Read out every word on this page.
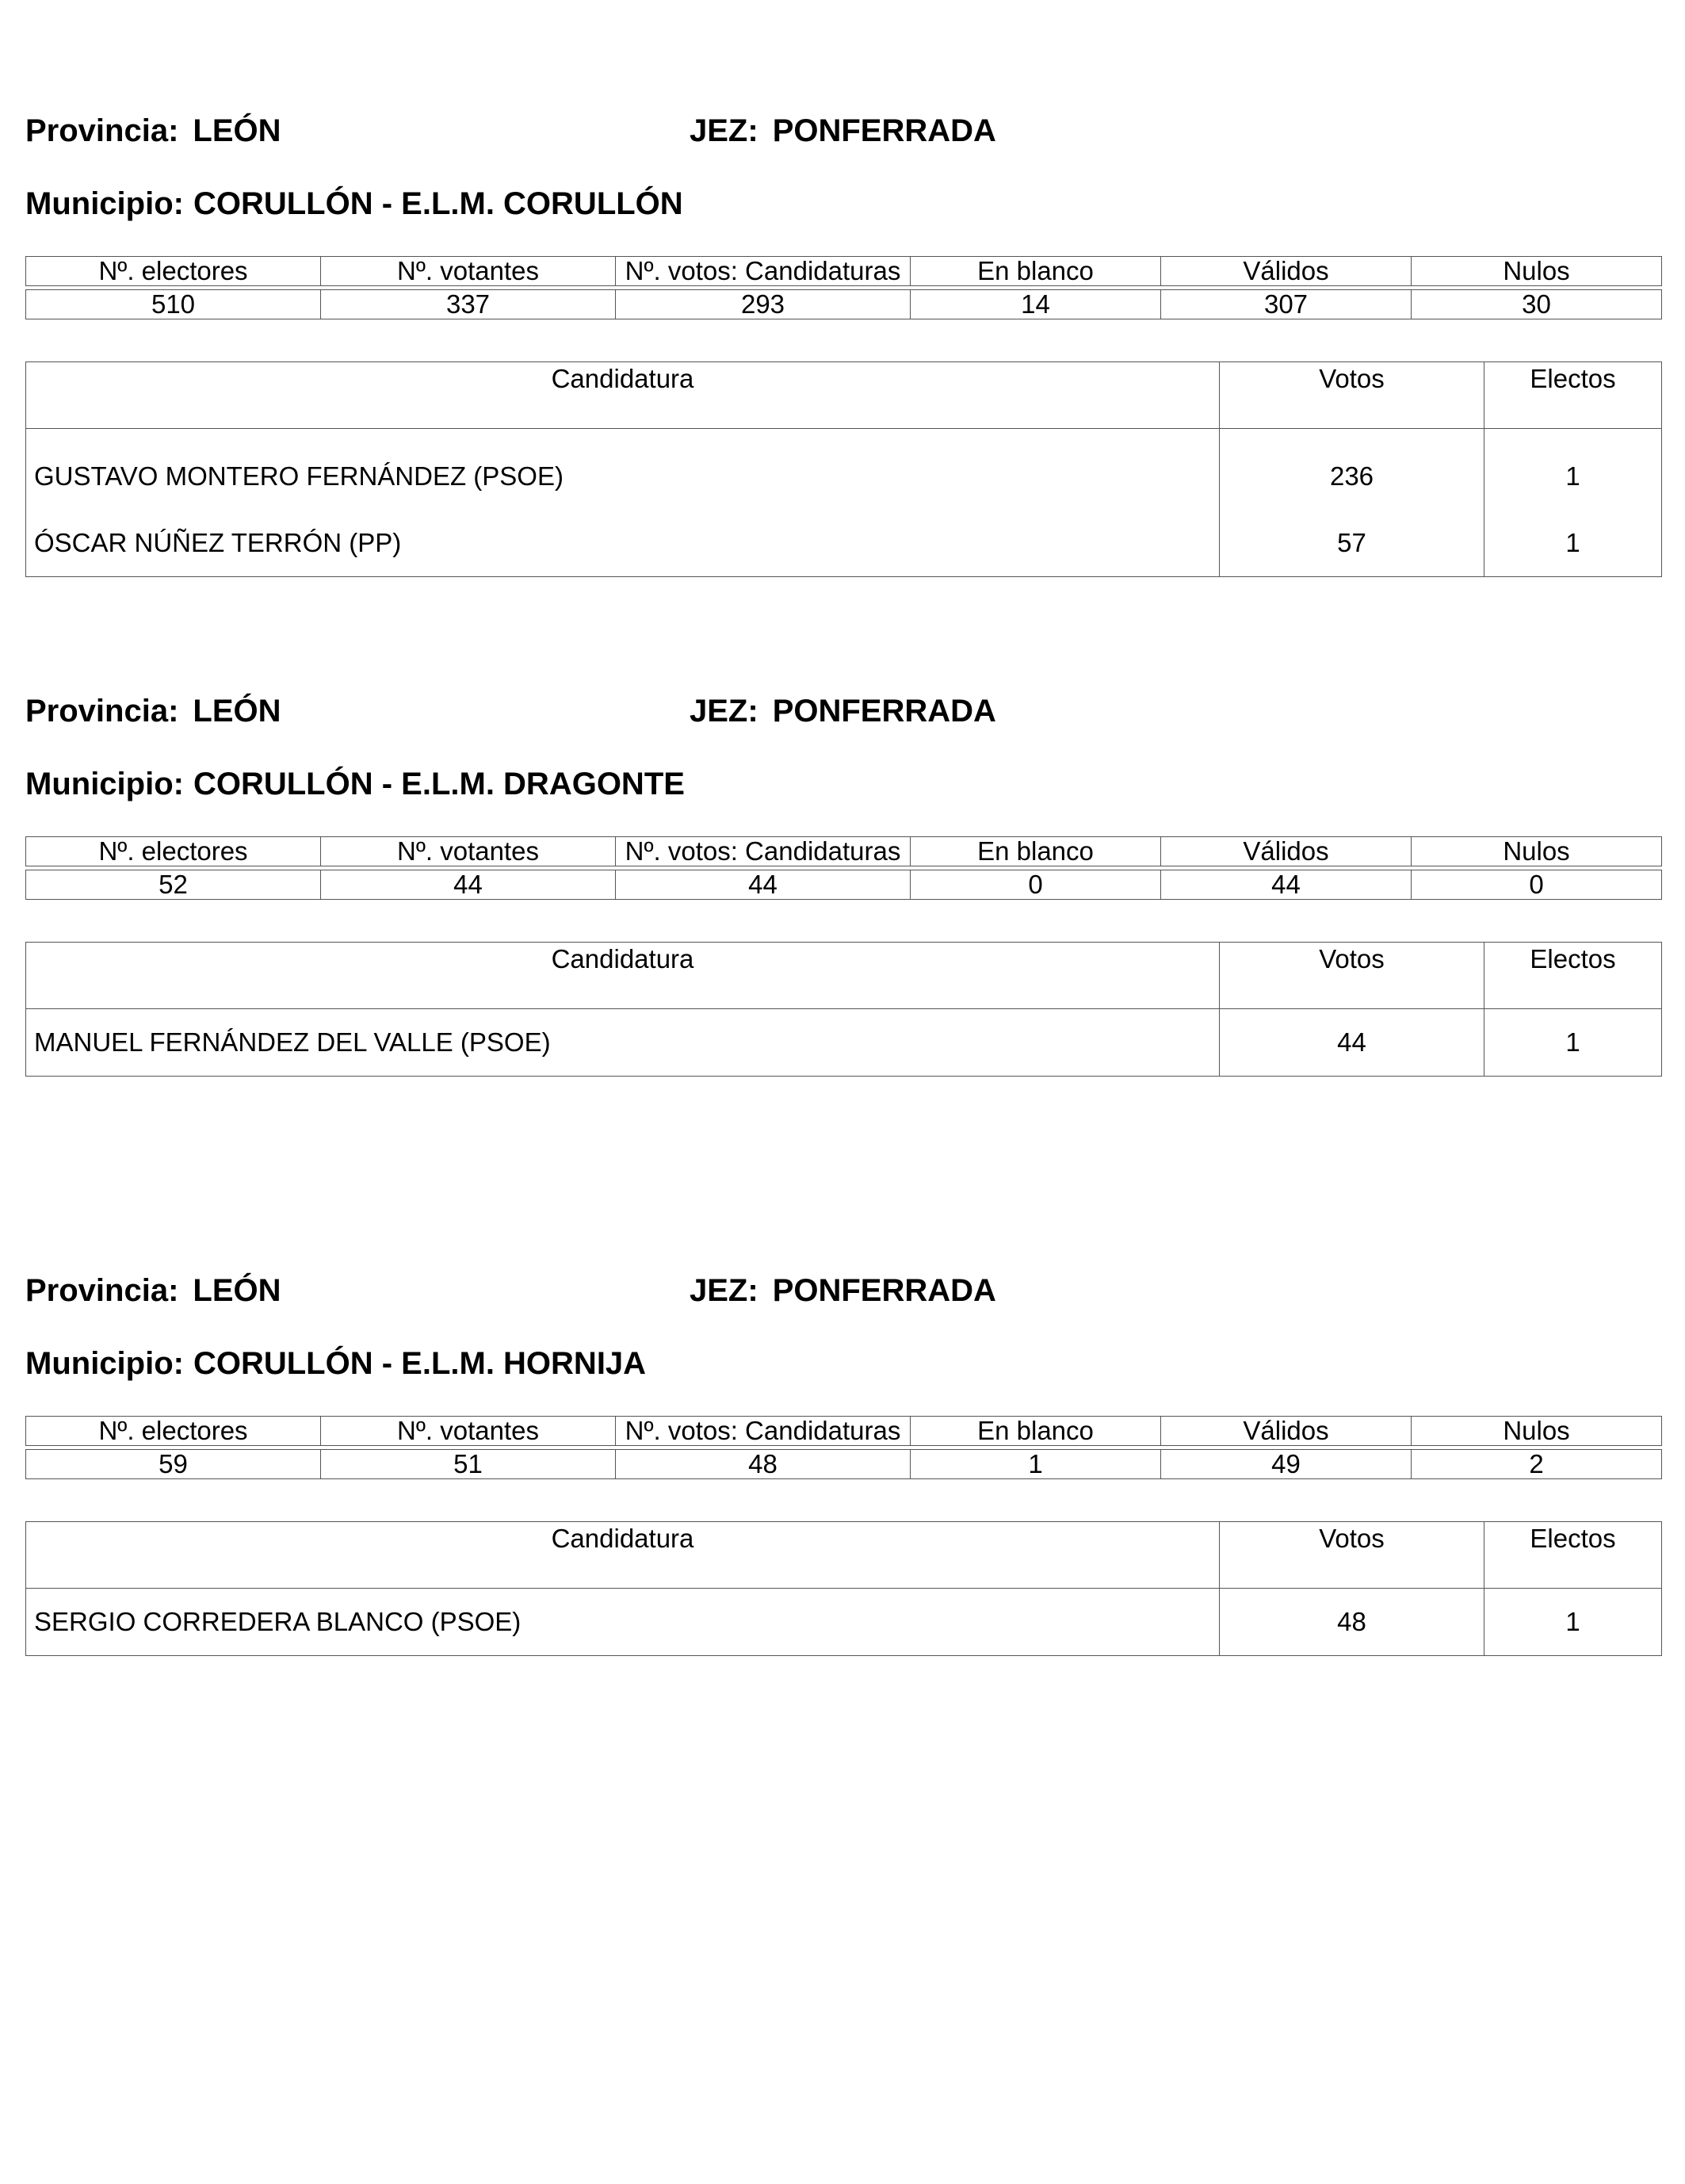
Provincia: LEÓN	JEZ: PONFERRADA
Municipio: CORULLÓN - E.L.M. CORULLÓN
Nº. electores	Nº. votantes	Nº. votos: Candidaturas	En blanco	Válidos	Nulos

510	337	293	14	307	30
Candidatura	Votos	Electos
GUSTAVO MONTERO FERNÁNDEZ (PSOE)	236	1
ÓSCAR NÚÑEZ TERRÓN (PP)	57	1
Provincia: LEÓN	JEZ: PONFERRADA
Municipio: CORULLÓN - E.L.M. DRAGONTE
Nº. electores	Nº. votantes	Nº. votos: Candidaturas	En blanco	Válidos	Nulos

52	44	44	0	44	0
Candidatura	Votos	Electos
MANUEL FERNÁNDEZ DEL VALLE (PSOE)	44	1
Provincia: LEÓN	JEZ: PONFERRADA
Municipio: CORULLÓN - E.L.M. HORNIJA
Nº. electores	Nº. votantes	Nº. votos: Candidaturas	En blanco	Válidos	Nulos

59	51	48	1	49	2
Candidatura	Votos	Electos
SERGIO CORREDERA BLANCO (PSOE)	48	1
